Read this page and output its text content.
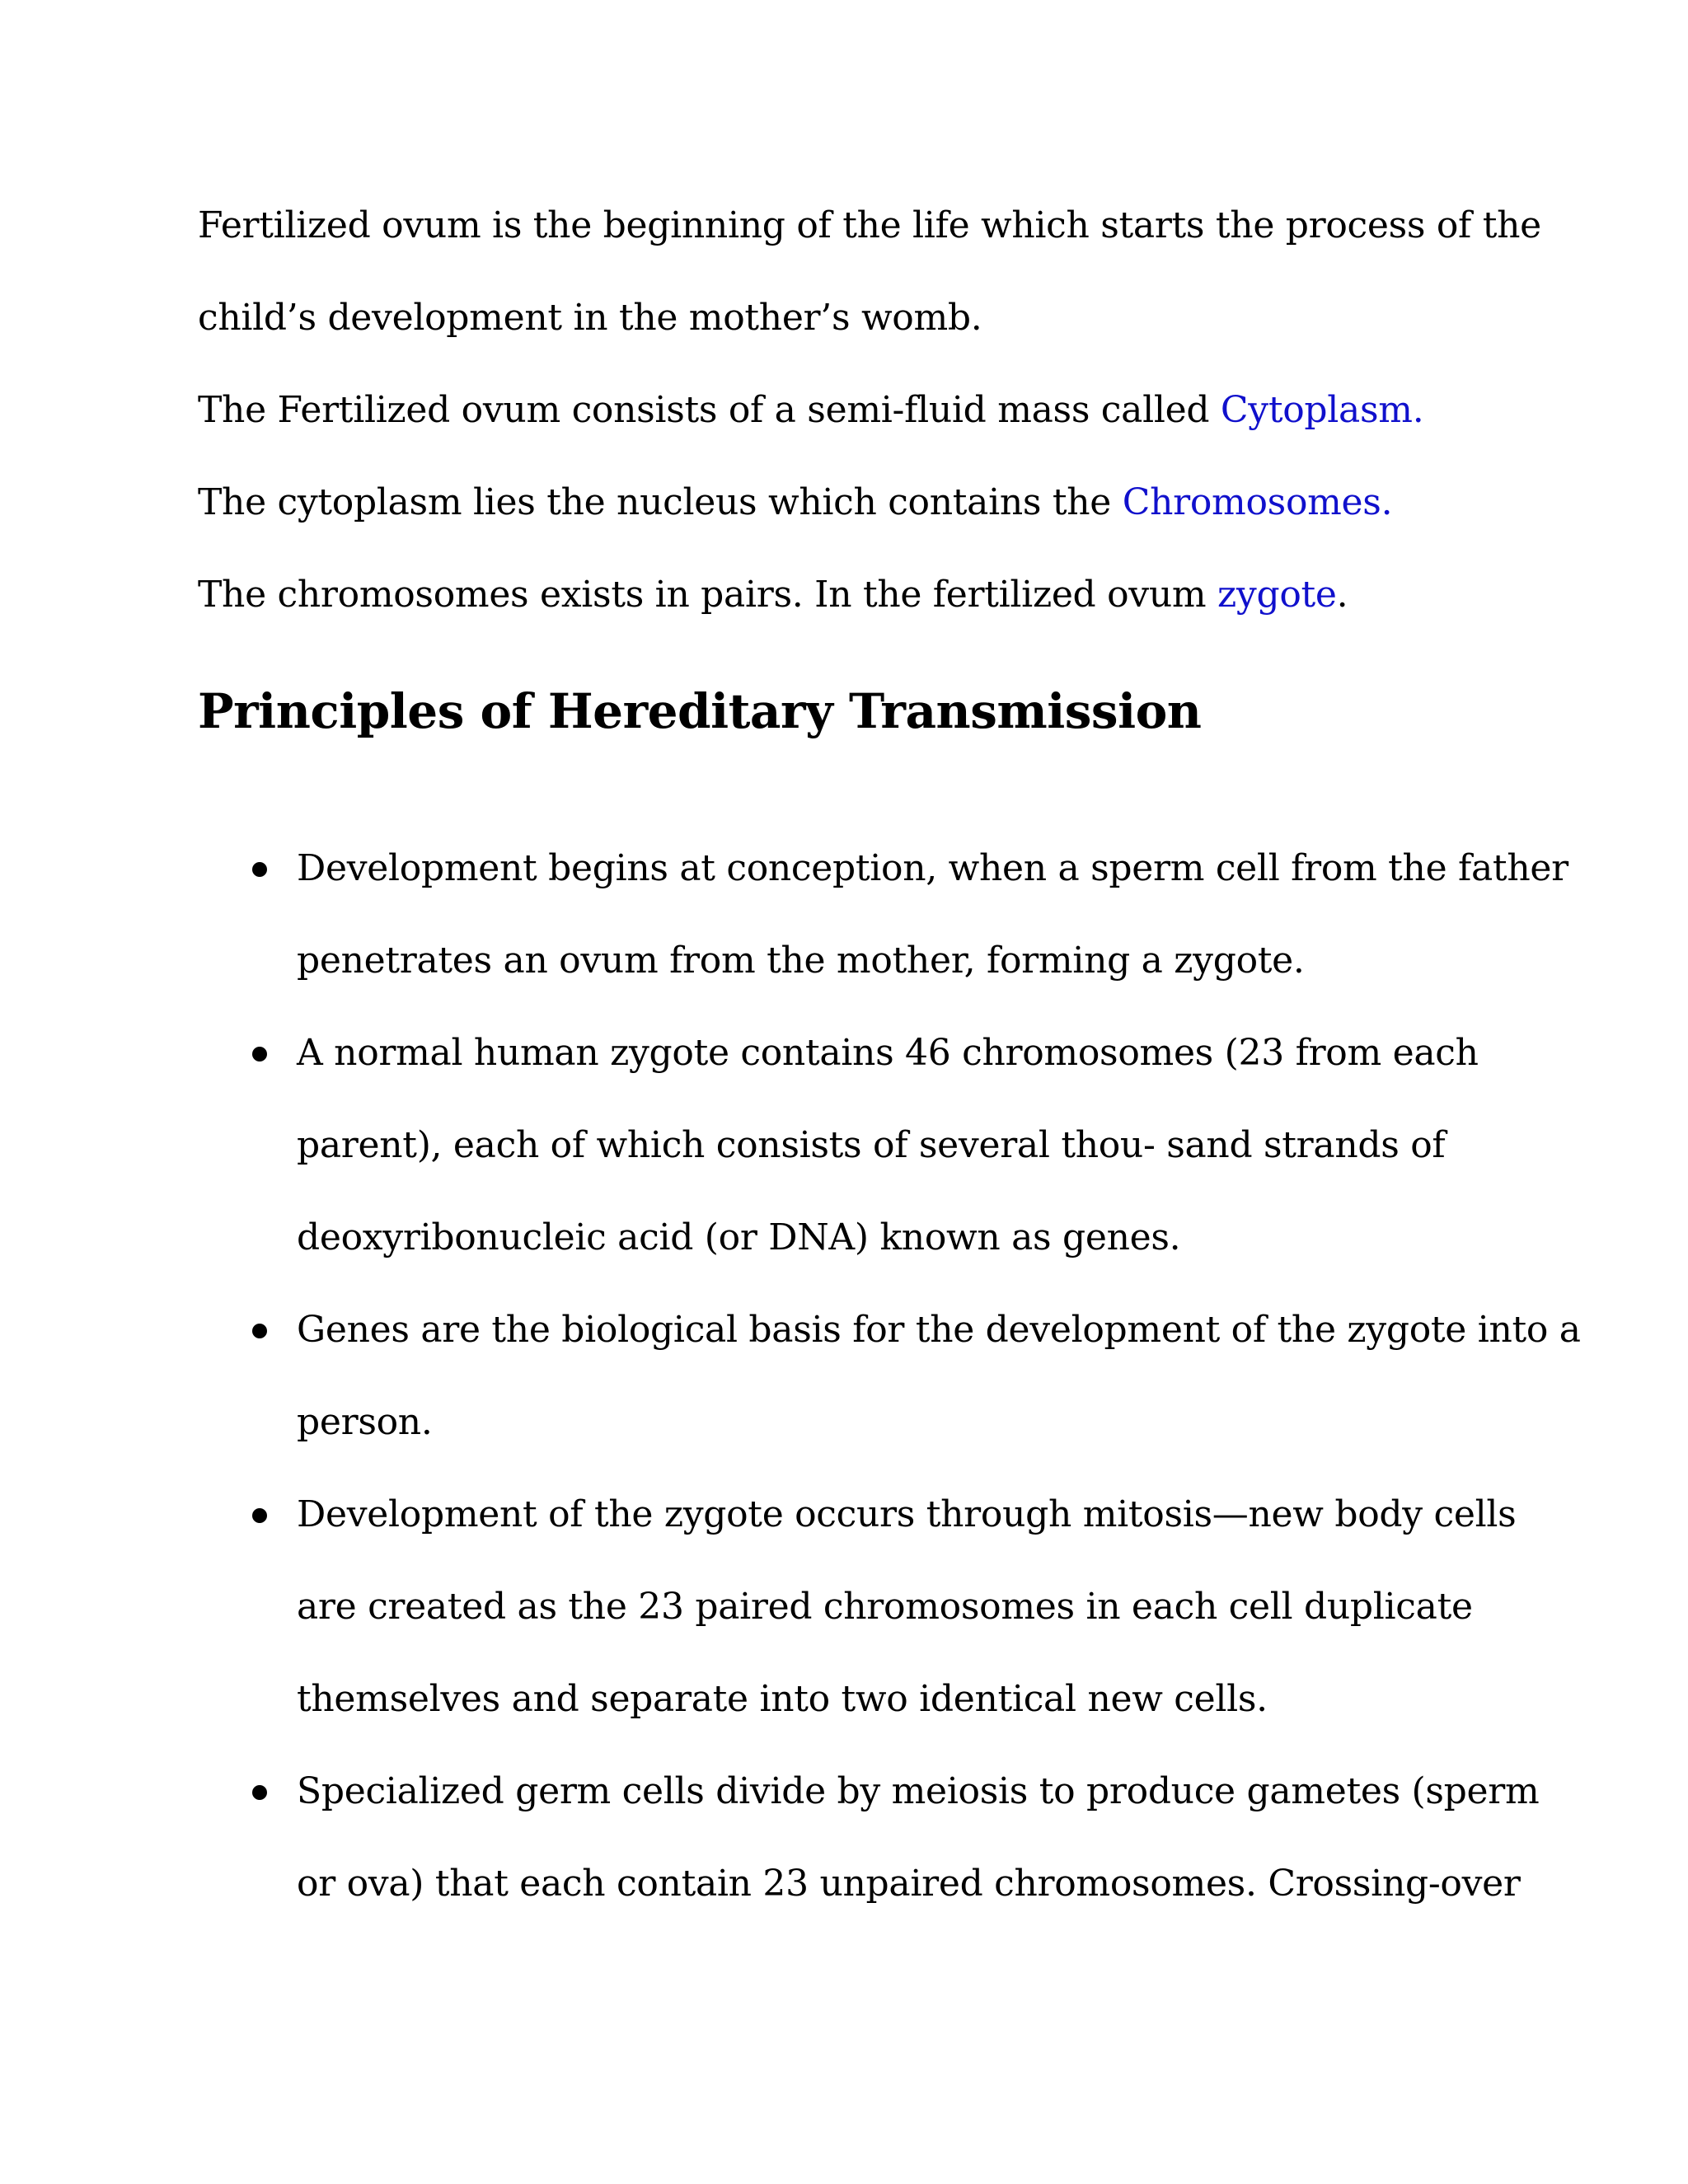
Fertilized ovum is the beginning of the life which starts the process of the

child’s development in the mother’s womb.

The Fertilized ovum consists of a semi-fluid mass called Cytoplasm.

The cytoplasm lies the nucleus which contains the Chromosomes.

The chromosomes exists in pairs. In the fertilized ovum zygote.

Principles of Hereditary Transmission
Development begins at conception, when a sperm cell from the father
penetrates an ovum from the mother, forming a zygote.
A normal human zygote contains 46 chromosomes (23 from each
parent), each of which consists of several thou- sand strands of
deoxyribonucleic acid (or DNA) known as genes.
Genes are the biological basis for the development of the zygote into a
person.
Development of the zygote occurs through mitosis—new body cells
are created as the 23 paired chromosomes in each cell duplicate
themselves and separate into two identical new cells.
Specialized germ cells divide by meiosis to produce gametes (sperm
or ova) that each contain 23 unpaired chromosomes. Crossing-over
